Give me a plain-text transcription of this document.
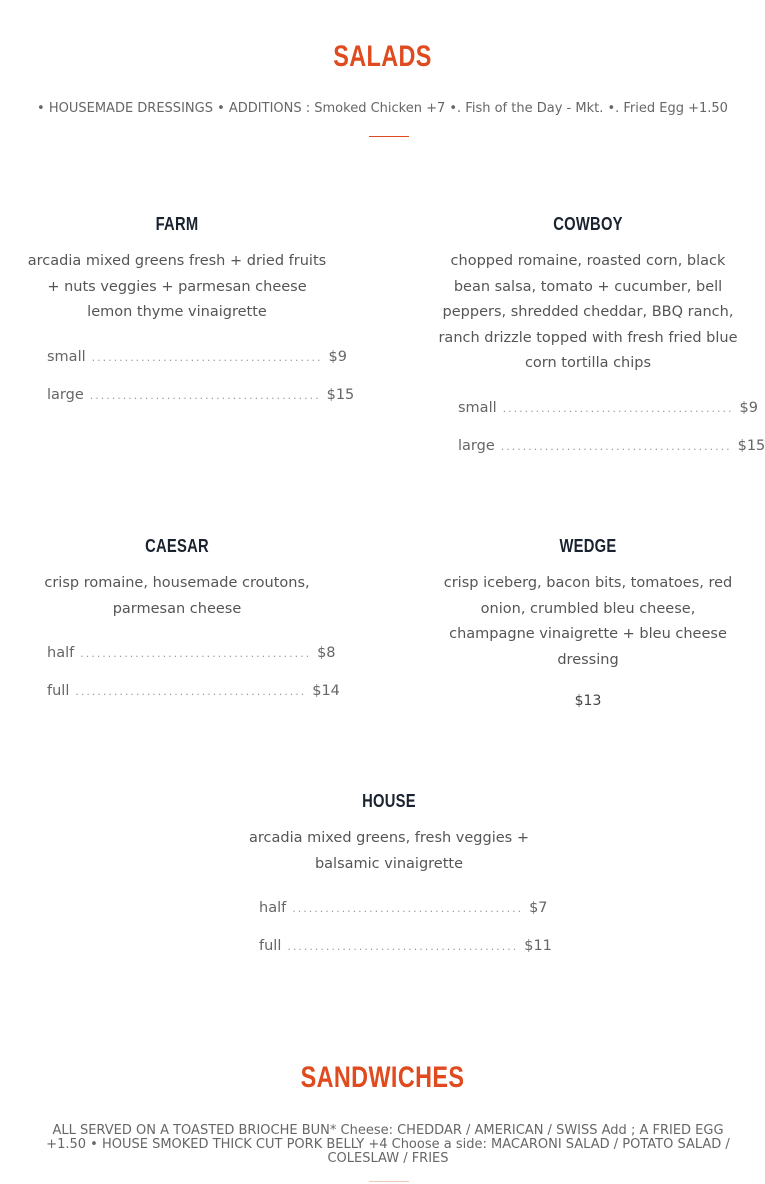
SALADS
• HOUSEMADE DRESSINGS • ADDITIONS : Smoked Chicken +7 •. Fish of the Day - Mkt. •. Fried Egg +1.50
FARM
arcadia mixed greens fresh + dried fruits + nuts veggies + parmesan cheese lemon thyme vinaigrette
small .......................................... $9
large .......................................... $15
COWBOY
chopped romaine, roasted corn, black bean salsa, tomato + cucumber, bell peppers, shredded cheddar, BBQ ranch, ranch drizzle topped with fresh fried blue corn tortilla chips
small .......................................... $9
large .......................................... $15
CAESAR
crisp romaine, housemade croutons, parmesan cheese
half .......................................... $8
full .......................................... $14
WEDGE
crisp iceberg, bacon bits, tomatoes, red onion, crumbled bleu cheese, champagne vinaigrette + bleu cheese dressing
$13
HOUSE
arcadia mixed greens, fresh veggies + balsamic vinaigrette
half .......................................... $7
full .......................................... $11
SANDWICHES
ALL SERVED ON A TOASTED BRIOCHE BUN* Cheese: CHEDDAR / AMERICAN / SWISS Add ; A FRIED EGG +1.50 • HOUSE SMOKED THICK CUT PORK BELLY +4 Choose a side: MACARONI SALAD / POTATO SALAD / COLESLAW / FRIES
